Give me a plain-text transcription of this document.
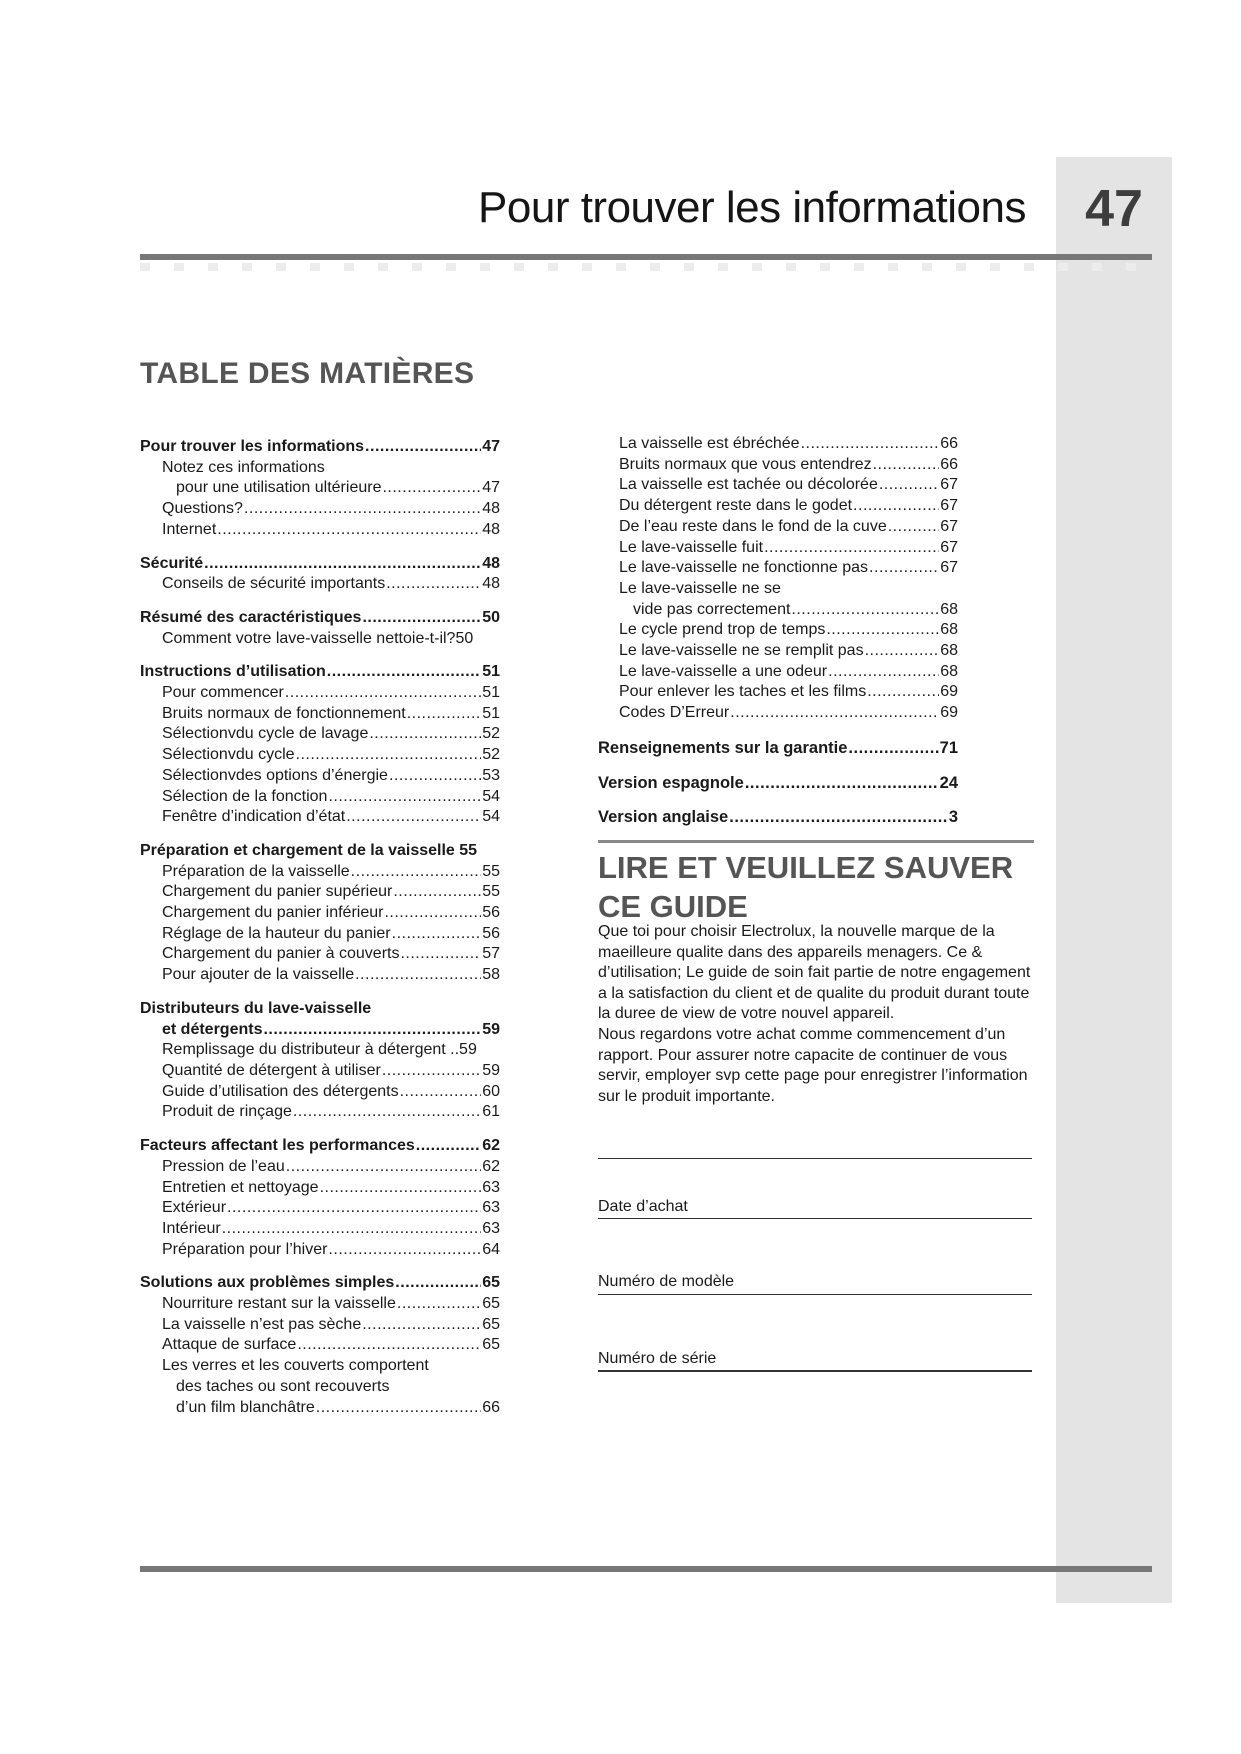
47
Pour trouver les informations
TABLE DES MATIÈRES
Pour trouver les informations .....	47
Notez ces informations
pour une utilisation ultérieure .....	47
Questions? .....	48
Internet .....	48
Sécurité .....	48
Conseils de sécurité importants .....	48
Résumé des caractéristiques .....	50
Comment votre lave-vaisselle nettoie-t-il?50
Instructions d’utilisation .....	51
Pour commencer .....	51
Bruits normaux de fonctionnement .....	51
Sélectionvdu cycle de lavage .....	52
Sélectionvdu cycle .....	52
Sélectionvdes options d’énergie .....	53
Sélection de la fonction .....	54
Fenêtre d’indication d’état .....	54
Préparation et chargement de la vaisselle 55
Préparation de la vaisselle .....	55
Chargement du panier supérieur .....	55
Chargement du panier inférieur .....	56
Réglage de la hauteur du panier .....	56
Chargement du panier à couverts .....	57
Pour ajouter de la vaisselle .....	58
Distributeurs du lave-vaisselle
et détergents .....	59
Remplissage du distributeur à détergent ..59
Quantité de détergent à utiliser .....	59
Guide d’utilisation des détergents .....	60
Produit de rinçage .....	61
Facteurs affectant les performances .....	62
Pression de l’eau .....	62
Entretien et nettoyage .....	63
Extérieur .....	63
Intérieur .....	63
Préparation pour l’hiver .....	64
Solutions aux problèmes simples .....	65
Nourriture restant sur la vaisselle .....	65
La vaisselle n’est pas sèche .....	65
Attaque de surface .....	65
Les verres et les couverts comportent
des taches ou sont recouverts
d’un film blanchâtre .....	66
La vaisselle est ébréchée .....	66
Bruits normaux que vous entendrez .....	66
La vaisselle est tachée ou décolorée .....	67
Du détergent reste dans le godet .....	67
De l’eau reste dans le fond de la cuve .....	67
Le lave-vaisselle fuit .....	67
Le lave-vaisselle ne fonctionne pas .....	67
Le lave-vaisselle ne se
vide pas correctement .....	68
Le cycle prend trop de temps .....	68
Le lave-vaisselle ne se remplit pas .....	68
Le lave-vaisselle a une odeur .....	68
Pour enlever les taches et les films .....	69
Codes D’Erreur .....	69
Renseignements sur la garantie .....	71
Version espagnole .....	24
Version anglaise .....	3
LIRE ET VEUILLEZ SAUVER CE GUIDE

Que toi pour choisir Electrolux, la nouvelle marque de la maeilleure qualite dans des appareils menagers. Ce & d’utilisation; Le guide de soin fait partie de notre engagement a la satisfaction du client et de qualite du produit durant toute la duree de view de votre nouvel appareil.

Nous regardons votre achat comme commencement d’un rapport. Pour assurer notre capacite de continuer de vous servir, employer svp cette page pour enregistrer l’information sur le produit importante.

Date d’achat
Numéro de modèle
Numéro de série
